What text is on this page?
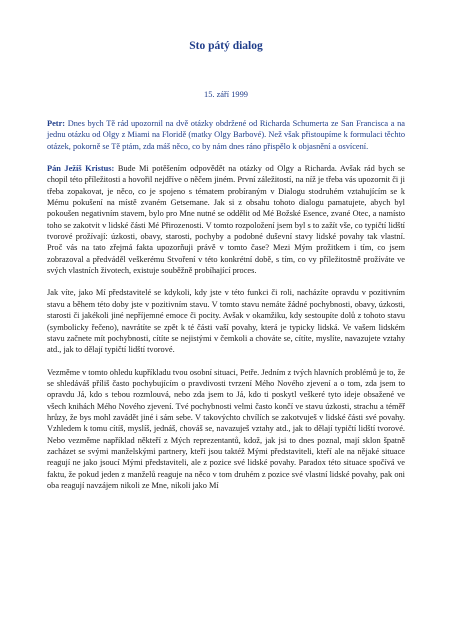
Sto pátý dialog
15. září 1999

Petr: Dnes bych Tě rád upozornil na dvě otázky obdržené od Richarda Schumerta ze San Francisca a na jednu otázku od Olgy z Miami na Floridě (matky Olgy Barbové). Než však přistoupíme k formulaci těchto otázek, pokorně se Tě ptám, zda máš něco, co by nám dnes ráno přispělo k objasnění a osvícení.

Pán Ježíš Kristus: Bude Mi potěšením odpovědět na otázky od Olgy a Richarda. Avšak rád bych se chopil této příležitosti a hovořil nejdříve o něčem jiném. První záležitostí, na níž je třeba vás upozornit či ji třeba zopakovat, je něco, co je spojeno s tématem probíraným v Dialogu stodruhém vztahujícím se k Mému pokušení na místě zvaném Getsemane. Jak si z obsahu tohoto dialogu pamatujete, abych byl pokoušen negativním stavem, bylo pro Mne nutné se oddělit od Mé Božské Esence, zvané Otec, a namísto toho se zakotvit v lidské části Mé Přirozenosti. V tomto rozpoložení jsem byl s to zažít vše, co typičtí lidští tvorové prožívají: úzkosti, obavy, starosti, pochyby a podobné duševní stavy lidské povahy tak vlastní. Proč vás na tato zřejmá fakta upozorňuji právě v tomto čase? Mezi Mým prožitkem i tím, co jsem zobrazoval a předváděl veškerému Stvoření v této konkrétní době, s tím, co vy příležitostně prožíváte ve svých vlastních životech, existuje souběžně probíhající proces.

Jak víte, jako Mí představitelé se kdykoli, kdy jste v této funkci či roli, nacházíte opravdu v pozitivním stavu a během této doby jste v pozitivním stavu. V tomto stavu nemáte žádné pochybnosti, obavy, úzkosti, starosti či jakékoli jiné nepříjemné emoce či pocity. Avšak v okamžiku, kdy sestoupíte dolů z tohoto stavu (symbolicky řečeno), navrátíte se zpět k té části vaší povahy, která je typicky lidská. Ve vašem lidském stavu začnete mít pochybnosti, cítíte se nejistými v čemkoli a chováte se, cítíte, myslíte, navazujete vztahy atd., jak to dělají typičtí lidští tvorové.

Vezměme v tomto ohledu kupříkladu tvou osobní situaci, Petře. Jedním z tvých hlavních problémů je to, že se shledáváš příliš často pochybujícím o pravdivosti tvrzení Mého Nového zjevení a o tom, zda jsem to opravdu Já, kdo s tebou rozmlouvá, nebo zda jsem to Já, kdo ti poskytl veškeré tyto ideje obsažené ve všech knihách Mého Nového zjevení. Tvé pochybnosti velmi často končí ve stavu úzkosti, strachu a téměř hrůzy, že bys mohl zavádět jiné i sám sebe. V takovýchto chvílích se zakotvuješ v lidské části své povahy. Vzhledem k tomu cítíš, myslíš, jednáš, chováš se, navazuješ vztahy atd., jak to dělají typičtí lidští tvorové. Nebo vezměme například někteří z Mých reprezentantů, kdož, jak jsi to dnes poznal, mají sklon špatně zacházet se svými manželskými partnery, kteří jsou taktéž Mými představiteli, kteří ale na nějaké situace reagují ne jako jsoucí Mými představiteli, ale z pozice své lidské povahy. Paradox této situace spočívá ve faktu, že pokud jeden z manželů reaguje na něco v tom druhém z pozice své vlastní lidské povahy, pak oni oba reagují navzájem nikoli ze Mne, nikoli jako Mí
